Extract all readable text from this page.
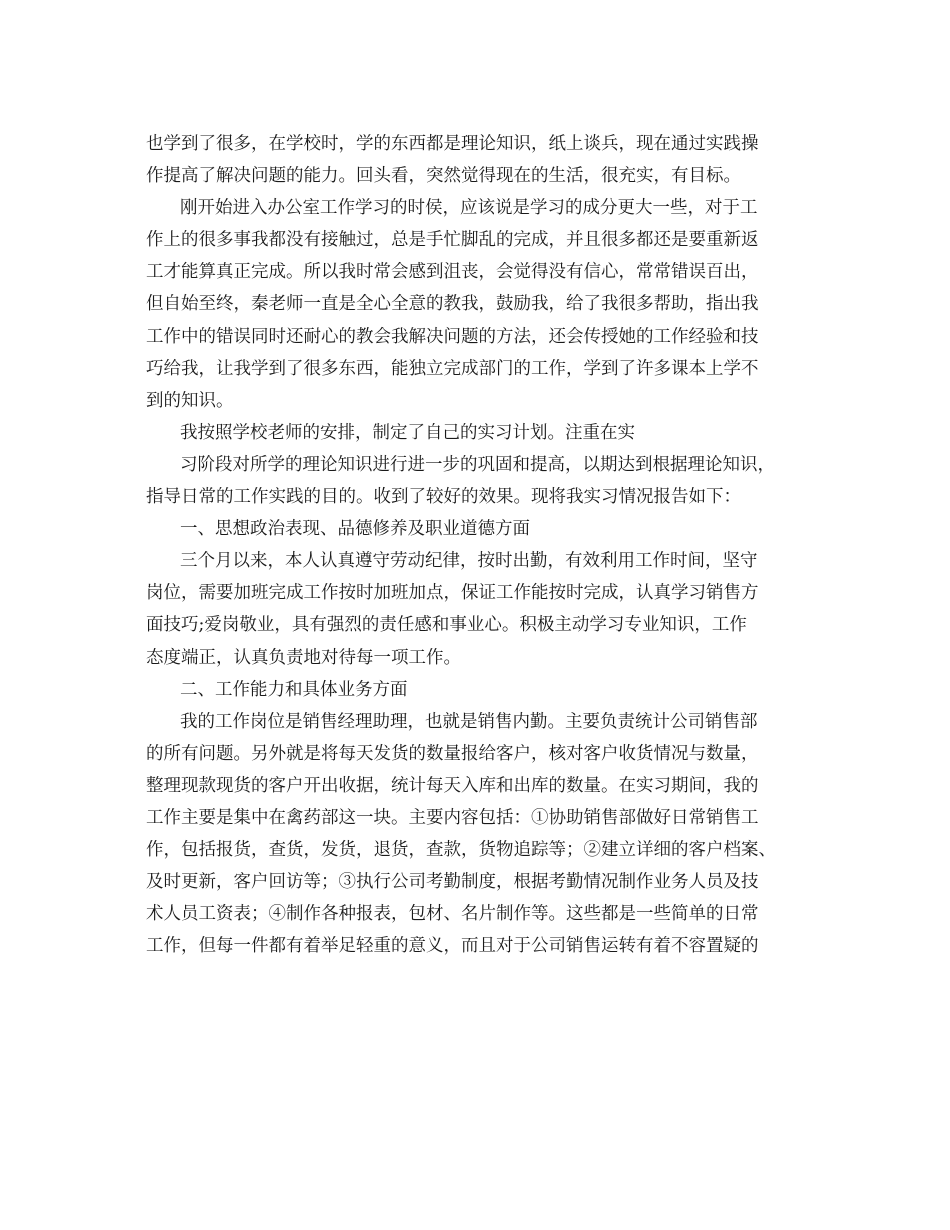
也学到了很多，在学校时，学的东西都是理论知识，纸上谈兵，现在通过实践操
作提高了解决问题的能力。回头看，突然觉得现在的生活，很充实，有目标。
刚开始进入办公室工作学习的时侯，应该说是学习的成分更大一些，对于工
作上的很多事我都没有接触过，总是手忙脚乱的完成，并且很多都还是要重新返
工才能算真正完成。所以我时常会感到沮丧，会觉得没有信心，常常错误百出，
但自始至终，秦老师一直是全心全意的教我，鼓励我，给了我很多帮助，指出我
工作中的错误同时还耐心的教会我解决问题的方法，还会传授她的工作经验和技
巧给我，让我学到了很多东西，能独立完成部门的工作，学到了许多课本上学不
到的知识。
我按照学校老师的安排，制定了自己的实习计划。注重在实
习阶段对所学的理论知识进行进一步的巩固和提高，以期达到根据理论知识，
指导日常的工作实践的目的。收到了较好的效果。现将我实习情况报告如下：
一、思想政治表现、品德修养及职业道德方面
三个月以来，本人认真遵守劳动纪律，按时出勤，有效利用工作时间，坚守
岗位，需要加班完成工作按时加班加点，保证工作能按时完成，认真学习销售方
面技巧;爱岗敬业，具有强烈的责任感和事业心。积极主动学习专业知识，工作
态度端正，认真负责地对待每一项工作。
二、工作能力和具体业务方面
我的工作岗位是销售经理助理，也就是销售内勤。主要负责统计公司销售部
的所有问题。另外就是将每天发货的数量报给客户，核对客户收货情况与数量，
整理现款现货的客户开出收据，统计每天入库和出库的数量。在实习期间，我的
工作主要是集中在禽药部这一块。主要内容包括：①协助销售部做好日常销售工
作，包括报货，查货，发货，退货，查款，货物追踪等；②建立详细的客户档案、
及时更新，客户回访等；③执行公司考勤制度，根据考勤情况制作业务人员及技
术人员工资表；④制作各种报表，包材、名片制作等。这些都是一些简单的日常
工作，但每一件都有着举足轻重的意义，而且对于公司销售运转有着不容置疑的
